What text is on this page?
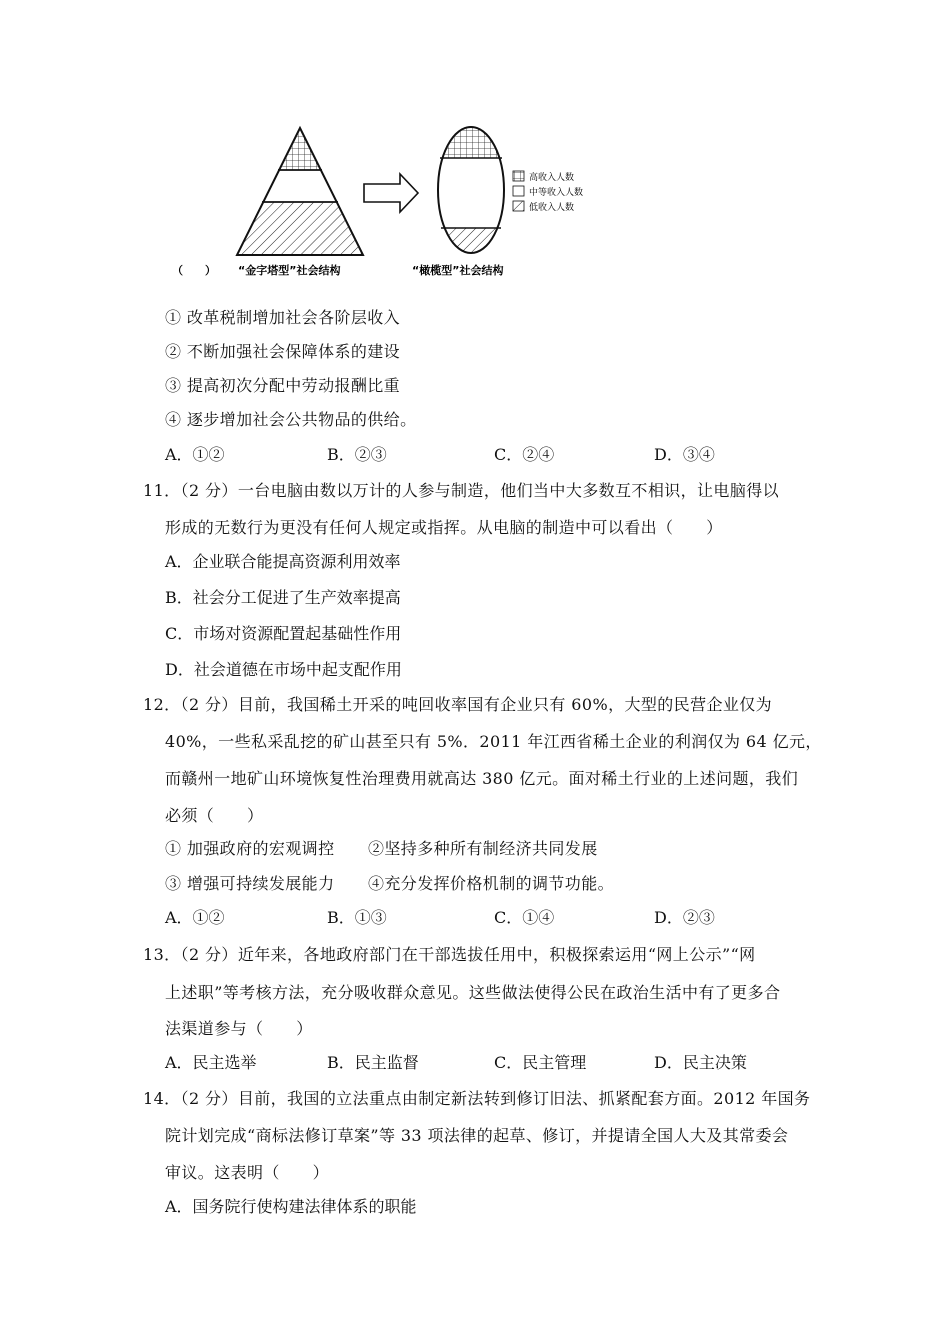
高收入人数
中等收入人数
低收入人数
（　　） “金字塔型”社会结构	“橄榄型”社会结构
① 改革税制增加社会各阶层收入
② 不断加强社会保障体系的建设
③ 提高初次分配中劳动报酬比重
④ 逐步增加社会公共物品的供给。
A．①②	B．②③	C．②④	D．③④
11．（2 分）一台电脑由数以万计的人参与制造，他们当中大多数互不相识，让电脑得以
形成的无数行为更没有任何人规定或指挥。从电脑的制造中可以看出（　　）
A．企业联合能提高资源利用效率
B．社会分工促进了生产效率提高
C．市场对资源配置起基础性作用
D．社会道德在市场中起支配作用
12．（2 分）目前，我国稀土开采的吨回收率国有企业只有 60%，大型的民营企业仅为
40%，一些私采乱挖的矿山甚至只有 5%．2011 年江西省稀土企业的利润仅为 64 亿元，
而赣州一地矿山环境恢复性治理费用就高达 380 亿元。面对稀土行业的上述问题，我们
必须（　　）
① 加强政府的宏观调控 ②坚持多种所有制经济共同发展
③ 增强可持续发展能力 ④充分发挥价格机制的调节功能。
A．①②	B．①③	C．①④	D．②③
13．（2 分）近年来，各地政府部门在干部选拔任用中，积极探索运用“网上公示”“网
上述职”等考核方法，充分吸收群众意见。这些做法使得公民在政治生活中有了更多合
法渠道参与（　　）
A．民主选举	B．民主监督	C．民主管理	D．民主决策
14．（2 分）目前，我国的立法重点由制定新法转到修订旧法、抓紧配套方面。2012 年国务
院计划完成“商标法修订草案”等 33 项法律的起草、修订，并提请全国人大及其常委会
审议。这表明（　　）
A．国务院行使构建法律体系的职能
